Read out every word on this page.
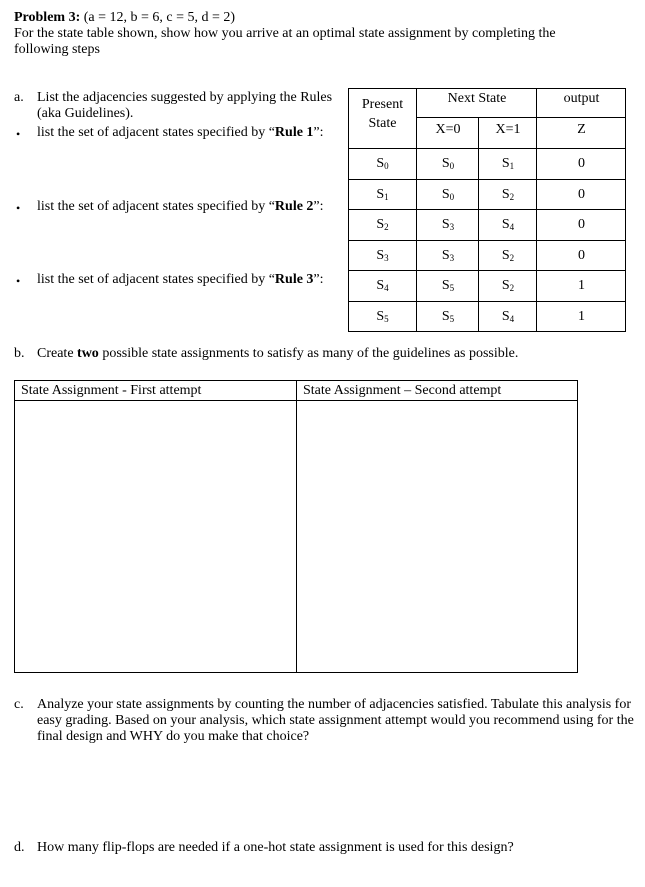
Problem 3: (a = 12, b = 6, c = 5, d = 2)
For the state table shown, show how you arrive at an optimal state assignment by completing the
following steps
a. List the adjacencies suggested by applying the Rules (aka Guidelines).
• list the set of adjacent states specified by “Rule 1”:
• list the set of adjacent states specified by “Rule 2”:
• list the set of adjacent states specified by “Rule 3”:
Present
State
Next State	output
X=0	X=1	Z
$S_0$	$S_0$	$S_1$	0
$S_1$	$S_0$	$S_2$	0
$S_2$	$S_3$	$S_4$	0
$S_3$	$S_3$	$S_2$	0
$S_4$	$S_5$	$S_2$	1
$S_5$	$S_5$	$S_4$	1
b. Create two possible state assignments to satisfy as many of the guidelines as possible.
State Assignment - First attempt	State Assignment – Second attempt
c. Analyze your state assignments by counting the number of adjacencies satisfied. Tabulate this analysis for easy grading. Based on your analysis, which state assignment attempt would you recommend using for the final design and WHY do you make that choice?
d. How many flip-flops are needed if a one-hot state assignment is used for this design?
